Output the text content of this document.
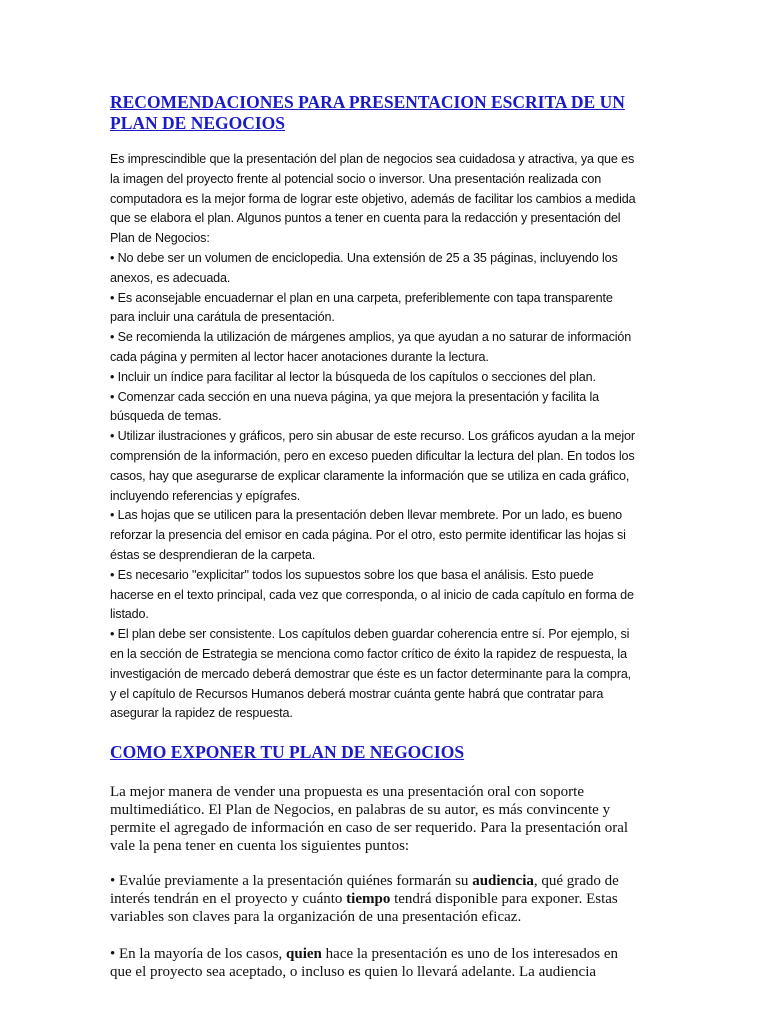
RECOMENDACIONES PARA PRESENTACION ESCRITA DE UN PLAN DE NEGOCIOS

Es imprescindible que la presentación del plan de negocios sea cuidadosa y atractiva, ya que es la imagen del proyecto frente al potencial socio o inversor. Una presentación realizada con computadora es la mejor forma de lograr este objetivo, además de facilitar los cambios a medida que se elabora el plan. Algunos puntos a tener en cuenta para la redacción y presentación del Plan de Negocios:

• No debe ser un volumen de enciclopedia. Una extensión de 25 a 35 páginas, incluyendo los anexos, es adecuada.

• Es aconsejable encuadernar el plan en una carpeta, preferiblemente con tapa transparente para incluir una carátula de presentación.

• Se recomienda la utilización de márgenes amplios, ya que ayudan a no saturar de información cada página y permiten al lector hacer anotaciones durante la lectura.

• Incluir un índice para facilitar al lector la búsqueda de los capítulos o secciones del plan.

• Comenzar cada sección en una nueva página, ya que mejora la presentación y facilita la búsqueda de temas.

• Utilizar ilustraciones y gráficos, pero sin abusar de este recurso. Los gráficos ayudan a la mejor comprensión de la información, pero en exceso pueden dificultar la lectura del plan. En todos los casos, hay que asegurarse de explicar claramente la información que se utiliza en cada gráfico, incluyendo referencias y epígrafes.

• Las hojas que se utilicen para la presentación deben llevar membrete. Por un lado, es bueno reforzar la presencia del emisor en cada página. Por el otro, esto permite identificar las hojas si éstas se desprendieran de la carpeta.

• Es necesario "explicitar" todos los supuestos sobre los que basa el análisis. Esto puede hacerse en el texto principal, cada vez que corresponda, o al inicio de cada capítulo en forma de listado.

• El plan debe ser consistente. Los capítulos deben guardar coherencia entre sí. Por ejemplo, si en la sección de Estrategia se menciona como factor crítico de éxito la rapidez de respuesta, la investigación de mercado deberá demostrar que éste es un factor determinante para la compra, y el capítulo de Recursos Humanos deberá mostrar cuánta gente habrá que contratar para asegurar la rapidez de respuesta.

COMO EXPONER TU PLAN DE NEGOCIOS

La mejor manera de vender una propuesta es una presentación oral con soporte multimediático. El Plan de Negocios, en palabras de su autor, es más convincente y permite el agregado de información en caso de ser requerido. Para la presentación oral vale la pena tener en cuenta los siguientes puntos:

• Evalúe previamente a la presentación quiénes formarán su audiencia, qué grado de interés tendrán en el proyecto y cuánto tiempo tendrá disponible para exponer. Estas variables son claves para la organización de una presentación eficaz.

• En la mayoría de los casos, quien hace la presentación es uno de los interesados en que el proyecto sea aceptado, o incluso es quien lo llevará adelante. La audiencia
